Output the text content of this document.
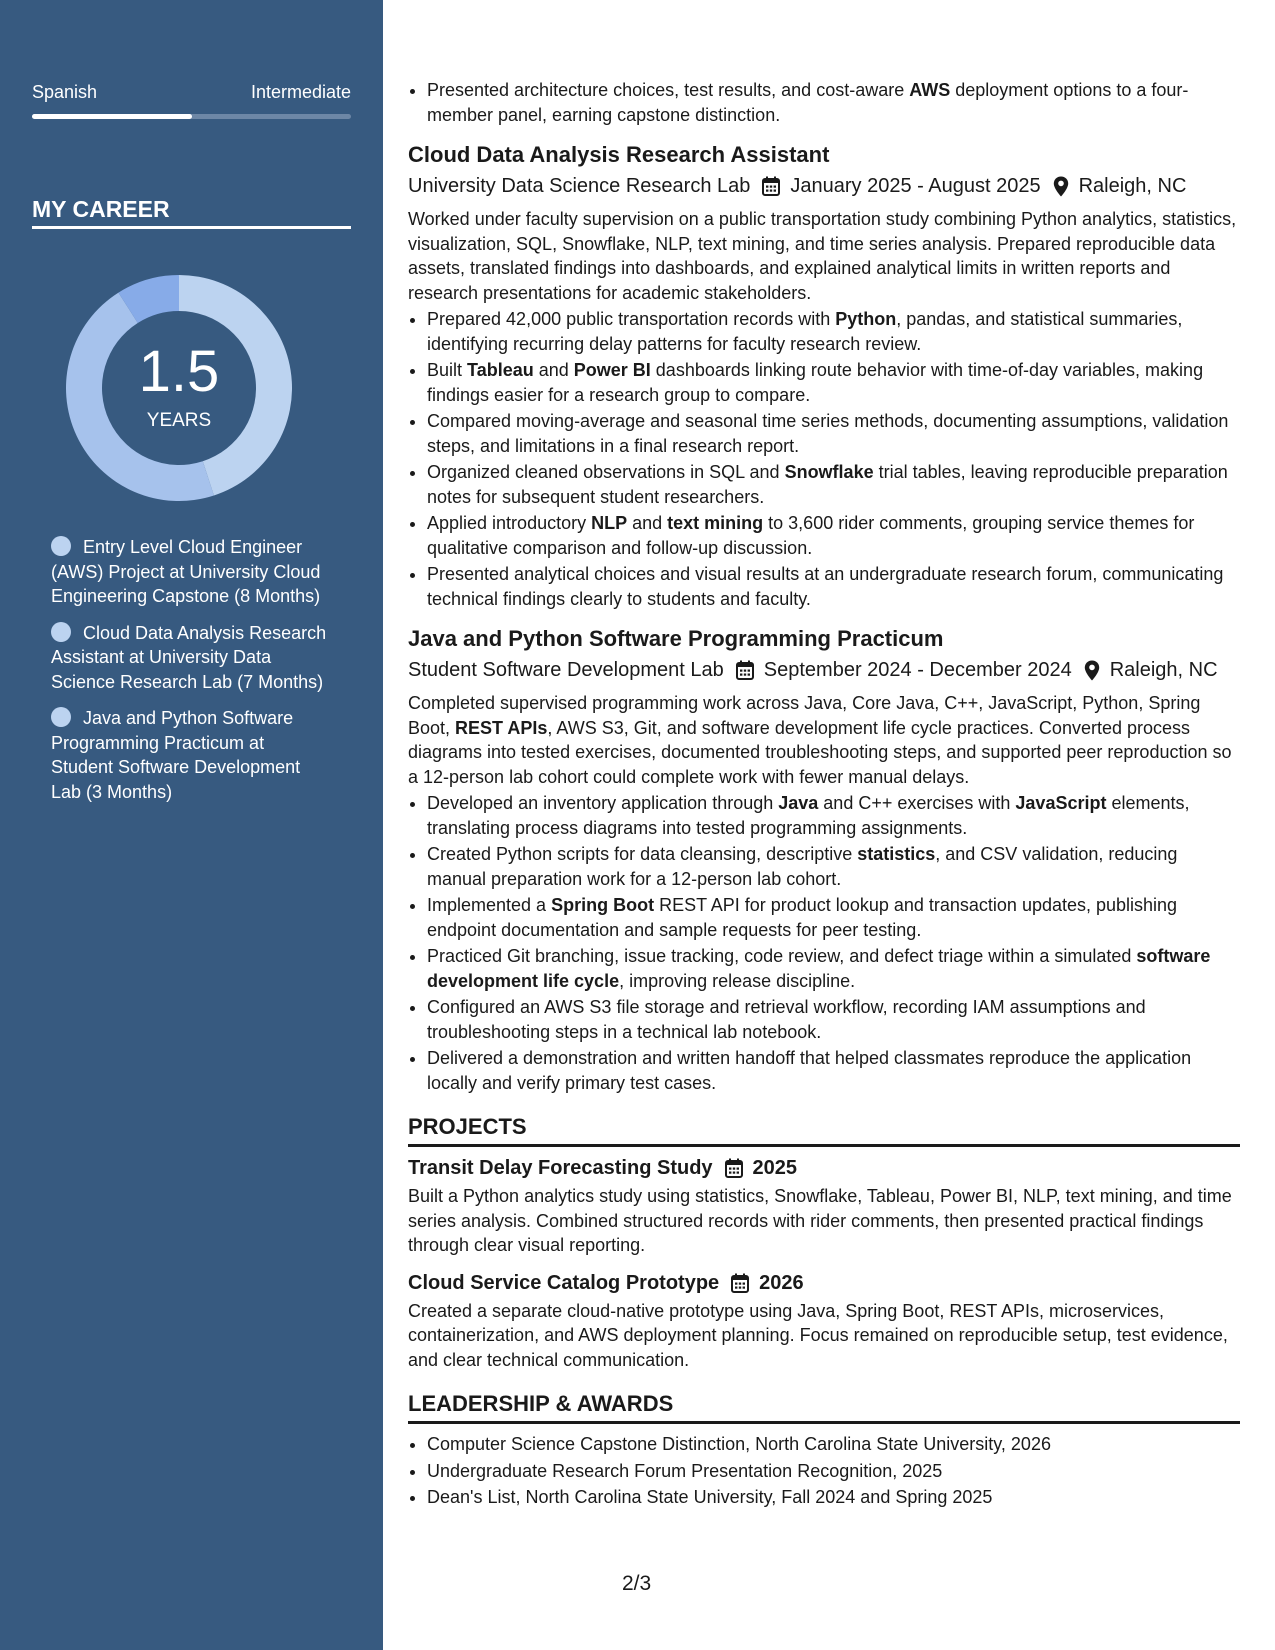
Spanish	Intermediate
MY CAREER
1.5
YEARS
Entry Level Cloud Engineer (AWS) Project at University Cloud Engineering Capstone (8 Months)
Cloud Data Analysis Research Assistant at University Data Science Research Lab (7 Months)
Java and Python Software Programming Practicum at Student Software Development Lab (3 Months)
• Presented architecture choices, test results, and cost-aware AWS deployment options to a four-member panel, earning capstone distinction.
Cloud Data Analysis Research Assistant
University Data Science Research Lab January 2025 - August 2025 Raleigh, NC

Worked under faculty supervision on a public transportation study combining Python analytics, statistics, visualization, SQL, Snowflake, NLP, text mining, and time series analysis. Prepared reproducible data assets, translated findings into dashboards, and explained analytical limits in written reports and research presentations for academic stakeholders.

• Prepared 42,000 public transportation records with Python, pandas, and statistical summaries, identifying recurring delay patterns for faculty research review.
• Built Tableau and Power BI dashboards linking route behavior with time-of-day variables, making findings easier for a research group to compare.
• Compared moving-average and seasonal time series methods, documenting assumptions, validation steps, and limitations in a final research report.
• Organized cleaned observations in SQL and Snowflake trial tables, leaving reproducible preparation notes for subsequent student researchers.
• Applied introductory NLP and text mining to 3,600 rider comments, grouping service themes for qualitative comparison and follow-up discussion.
• Presented analytical choices and visual results at an undergraduate research forum, communicating technical findings clearly to students and faculty.
Java and Python Software Programming Practicum
Student Software Development Lab September 2024 - December 2024 Raleigh, NC

Completed supervised programming work across Java, Core Java, C++, JavaScript, Python, Spring Boot, REST APIs, AWS S3, Git, and software development life cycle practices. Converted process diagrams into tested exercises, documented troubleshooting steps, and supported peer reproduction so a 12-person lab cohort could complete work with fewer manual delays.

• Developed an inventory application through Java and C++ exercises with JavaScript elements, translating process diagrams into tested programming assignments.
• Created Python scripts for data cleansing, descriptive statistics, and CSV validation, reducing manual preparation work for a 12-person lab cohort.
• Implemented a Spring Boot REST API for product lookup and transaction updates, publishing endpoint documentation and sample requests for peer testing.
• Practiced Git branching, issue tracking, code review, and defect triage within a simulated software development life cycle, improving release discipline.
• Configured an AWS S3 file storage and retrieval workflow, recording IAM assumptions and troubleshooting steps in a technical lab notebook.
• Delivered a demonstration and written handoff that helped classmates reproduce the application locally and verify primary test cases.
PROJECTS
Transit Delay Forecasting Study 2025

Built a Python analytics study using statistics, Snowflake, Tableau, Power BI, NLP, text mining, and time series analysis. Combined structured records with rider comments, then presented practical findings through clear visual reporting.

Cloud Service Catalog Prototype 2026

Created a separate cloud-native prototype using Java, Spring Boot, REST APIs, microservices, containerization, and AWS deployment planning. Focus remained on reproducible setup, test evidence, and clear technical communication.

LEADERSHIP & AWARDS
• Computer Science Capstone Distinction, North Carolina State University, 2026
• Undergraduate Research Forum Presentation Recognition, 2025
• Dean's List, North Carolina State University, Fall 2024 and Spring 2025
2/3
